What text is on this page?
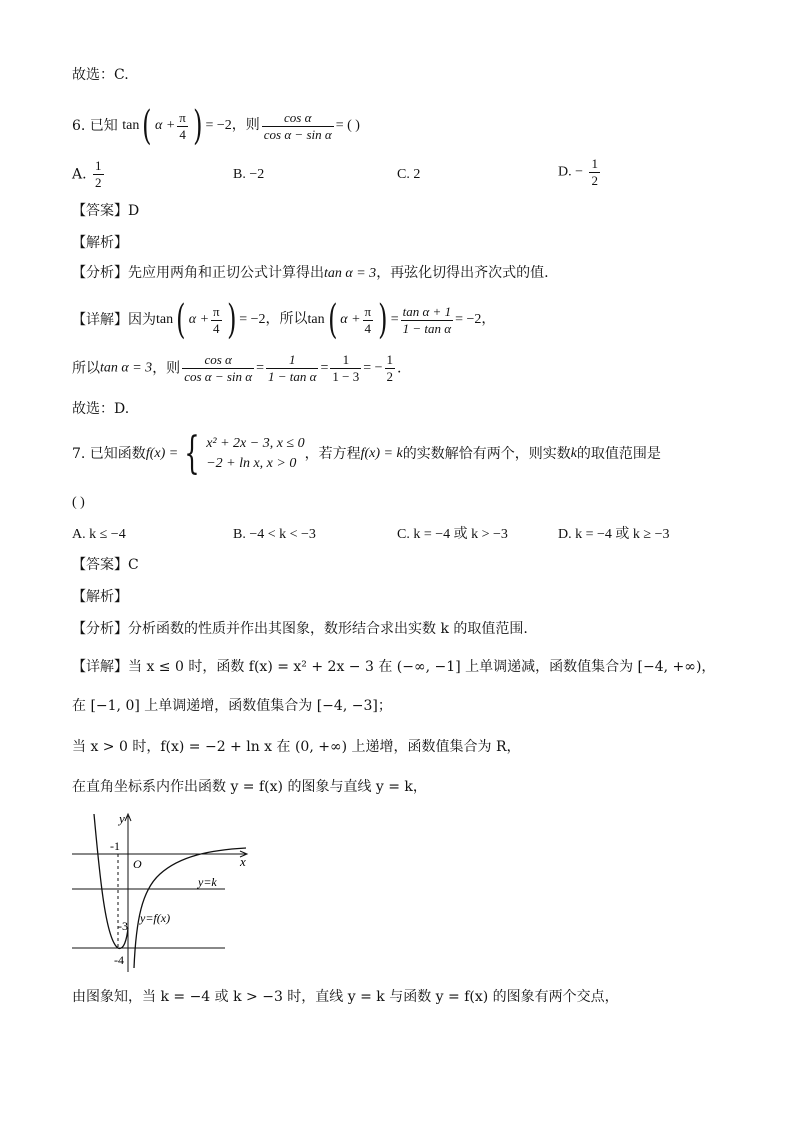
故选：C.
6. 已知 tan( $\alpha + \frac{\pi}{4}$ ) = −2，则 $\frac{\text{cos α}}{\text{cos α − sin α}}$ = ( )
A. $\frac{1}{2}$	B. −2	C. 2	D. − $\frac{1}{2}$
【答案】D
【解析】
【分析】先应用两角和正切公式计算得出tan α = 3，再弦化切得出齐次式的值.
【详解】因为tan( $\alpha + \frac{\pi}{4}$ ) = −2，所以tan( $\alpha + \frac{\pi}{4}$ ) = $\frac{\text{tan α + 1}}{\text{1 − tan α}} = -2$，
所以tan α = 3，则 $\frac{\text{cos α}}{\text{cos α − sin α}} = \frac{1}{\text{1 − tan α}} = \frac{1}{1 - 3}$ = − $\frac{1}{2}$ .
故选：D.
7. 已知函数f(x) = { x² + 2x − 3, x ≤ 0
−2 + ln x, x > 0
，若方程f(x) = k的实数解恰有两个，则实数k的取值范围是
( )
A. k ≤ −4	B. −4 < k < −3	C. k = −4 或 k > −3	D. k = −4 或 k ≥ −3
【答案】C
【解析】
【分析】分析函数的性质并作出其图象，数形结合求出实数 k 的取值范围.
【详解】当 x ≤ 0 时，函数 f(x) = x² + 2x − 3 在 (−∞, −1] 上单调递减，函数值集合为 [−4, +∞)，
在 [−1, 0] 上单调递增，函数值集合为 [−4, −3]；
当 x > 0 时，f(x) = −2 + ln x 在 (0, +∞) 上递增，函数值集合为 R，
在直角坐标系内作出函数 y = f(x) 的图象与直线 y = k，
y
x
O
-1
-3
-4
y=k
y=f(x)
由图象知，当 k = −4 或 k > −3 时，直线 y = k 与函数 y = f(x) 的图象有两个交点，
